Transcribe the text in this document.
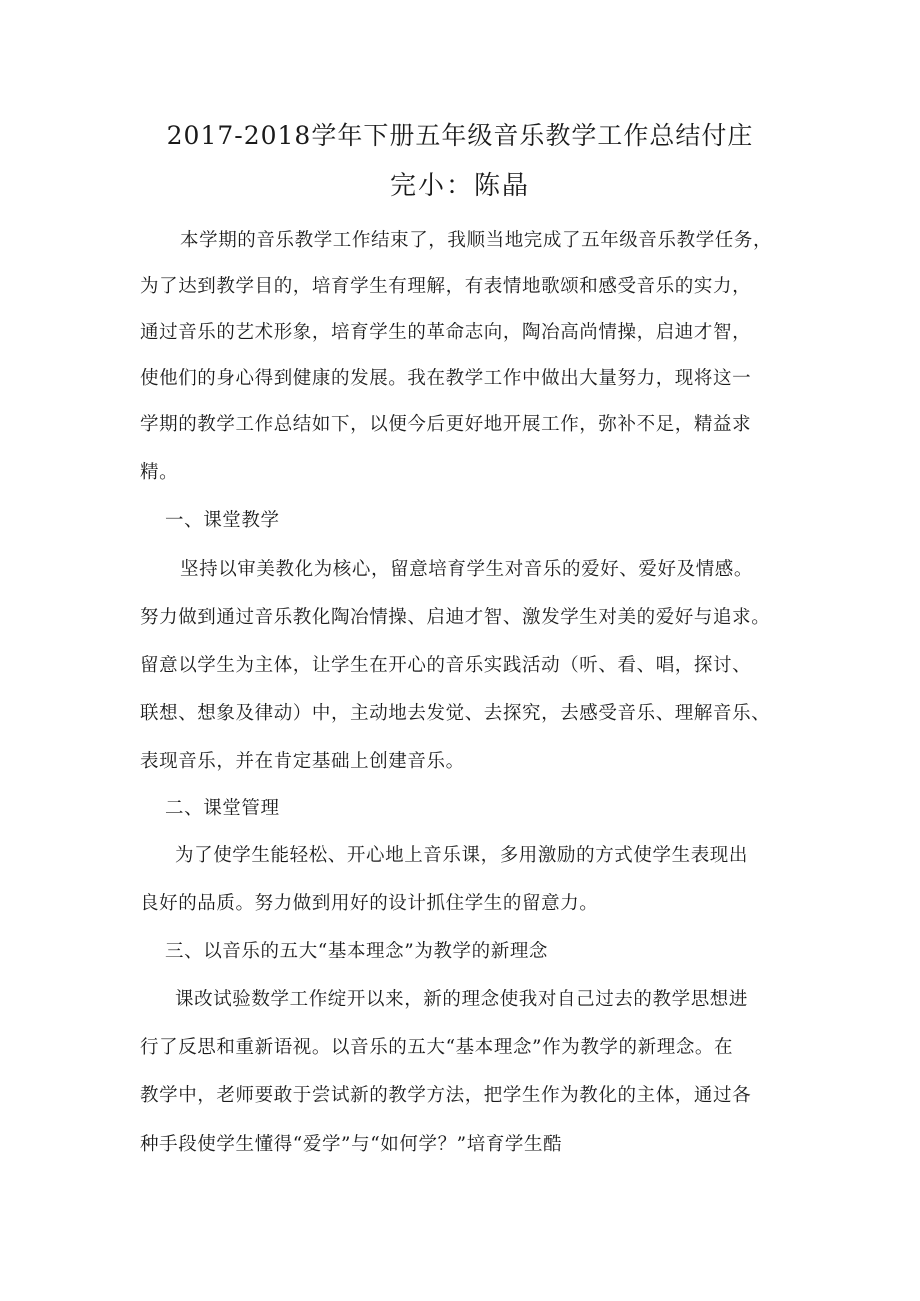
2017-2018学年下册五年级音乐教学工作总结付庄
完小：陈晶

本学期的音乐教学工作结束了，我顺当地完成了五年级音乐教学任务，

为了达到教学目的，培育学生有理解，有表情地歌颂和感受音乐的实力，

通过音乐的艺术形象，培育学生的革命志向，陶冶高尚情操，启迪才智，

使他们的身心得到健康的发展。我在教学工作中做出大量努力，现将这一

学期的教学工作总结如下，以便今后更好地开展工作，弥补不足，精益求

精。

一、课堂教学

坚持以审美教化为核心，留意培育学生对音乐的爱好、爱好及情感。

努力做到通过音乐教化陶冶情操、启迪才智、激发学生对美的爱好与追求。

留意以学生为主体，让学生在开心的音乐实践活动（听、看、唱，探讨、

联想、想象及律动）中，主动地去发觉、去探究，去感受音乐、理解音乐、

表现音乐，并在肯定基础上创建音乐。

二、课堂管理

为了使学生能轻松、开心地上音乐课，多用激励的方式使学生表现出

良好的品质。努力做到用好的设计抓住学生的留意力。

三、以音乐的五大“基本理念”为教学的新理念

课改试验数学工作绽开以来，新的理念使我对自己过去的教学思想进

行了反思和重新语视。以音乐的五大“基本理念”作为教学的新理念。在

教学中，老师要敢于尝试新的教学方法，把学生作为教化的主体，通过各

种手段使学生懂得“爱学”与“如何学？”培育学生酷
